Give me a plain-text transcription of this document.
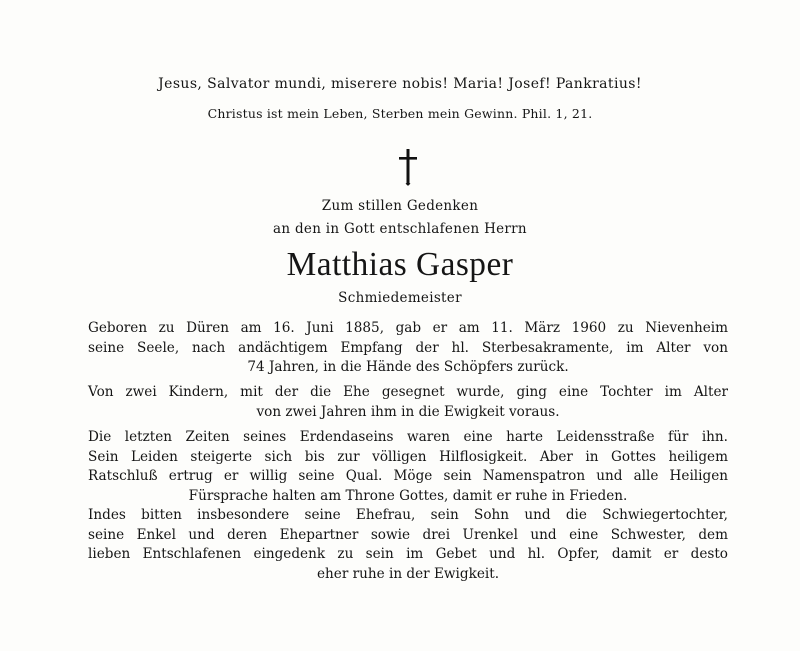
Jesus, Salvator mundi, miserere nobis! Maria! Josef! Pankratius!
Christus ist mein Leben, Sterben mein Gewinn. Phil. 1, 21.
Zum stillen Gedenken
an den in Gott entschlafenen Herrn
Matthias Gasper
Schmiedemeister
Geboren zu Düren am 16. Juni 1885, gab er am 11. März 1960 zu Nievenheim
seine Seele, nach andächtigem Empfang der hl. Sterbesakramente, im Alter von
74 Jahren, in die Hände des Schöpfers zurück.
Von zwei Kindern, mit der die Ehe gesegnet wurde, ging eine Tochter im Alter
von zwei Jahren ihm in die Ewigkeit voraus.
Die letzten Zeiten seines Erdendaseins waren eine harte Leidensstraße für ihn.
Sein Leiden steigerte sich bis zur völligen Hilflosigkeit. Aber in Gottes heiligem
Ratschluß ertrug er willig seine Qual. Möge sein Namenspatron und alle Heiligen
Fürsprache halten am Throne Gottes, damit er ruhe in Frieden.
Indes bitten insbesondere seine Ehefrau, sein Sohn und die Schwiegertochter,
seine Enkel und deren Ehepartner sowie drei Urenkel und eine Schwester, dem
lieben Entschlafenen eingedenk zu sein im Gebet und hl. Opfer, damit er desto
eher ruhe in der Ewigkeit.
